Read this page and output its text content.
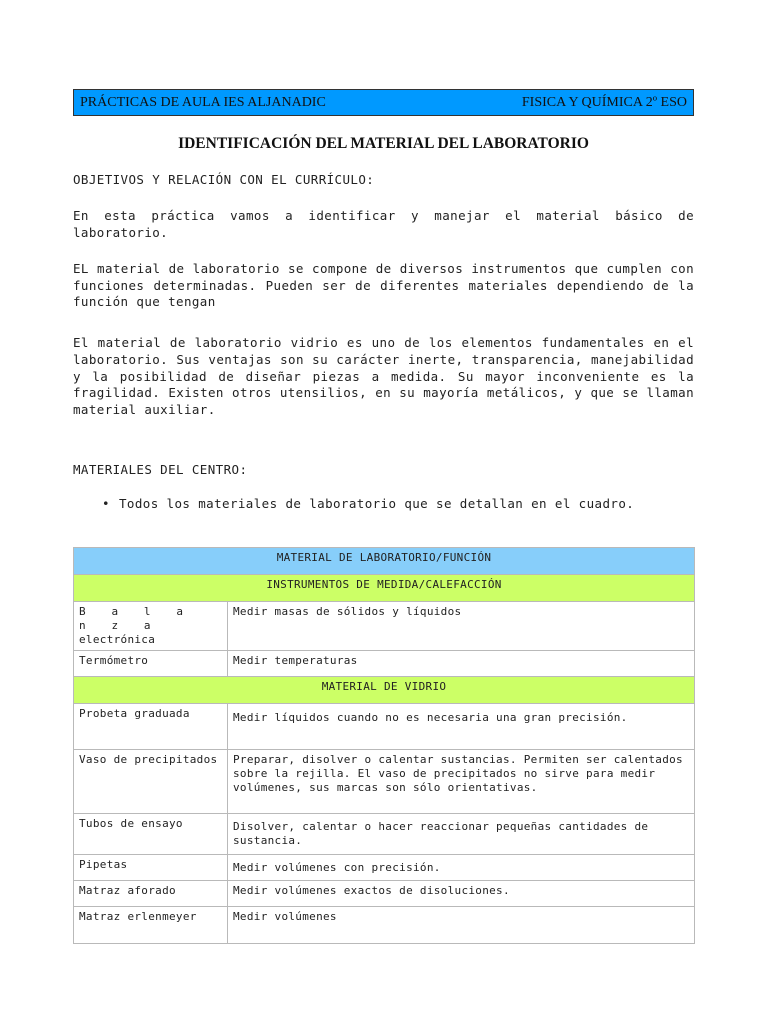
PRÁCTICAS DE AULA IES ALJANADIC	FISICA Y QUÍMICA 2º ESO
IDENTIFICACIÓN DEL MATERIAL DEL LABORATORIO

OBJETIVOS Y RELACIÓN CON EL CURRÍCULO:

En esta práctica vamos a identificar y manejar el material básico de laboratorio.

EL material de laboratorio se compone de diversos instrumentos que cumplen con funciones determinadas. Pueden ser de diferentes materiales dependiendo de la función que tengan

El material de laboratorio vidrio es uno de los elementos fundamentales en el laboratorio. Sus ventajas son su carácter inerte, transparencia, manejabilidad y la posibilidad de diseñar piezas a medida. Su mayor inconveniente es la fragilidad. Existen otros utensilios, en su mayoría metálicos, y que se llaman material auxiliar.

MATERIALES DEL CENTRO:

• Todos los materiales de laboratorio que se detallan en el cuadro.
MATERIAL DE LABORATORIO/FUNCIÓN	
INSTRUMENTOS DE MEDIDA/CALEFACCIÓN	
B a l a n z a
electrónica	Medir masas de sólidos y líquidos
Termómetro	Medir temperaturas
MATERIAL DE VIDRIO	
Probeta graduada	Medir líquidos cuando no es necesaria una gran precisión.

Vaso de precipitados	Preparar, disolver o calentar sustancias. Permiten ser calentados sobre la rejilla. El vaso de precipitados no sirve para medir volúmenes, sus marcas son sólo orientativas.
Tubos de ensayo	Disolver, calentar o hacer reaccionar pequeñas cantidades de sustancia.

Pipetas	Medir volúmenes con precisión.

Matraz aforado	Medir volúmenes exactos de disoluciones.
Matraz erlenmeyer	Medir volúmenes
